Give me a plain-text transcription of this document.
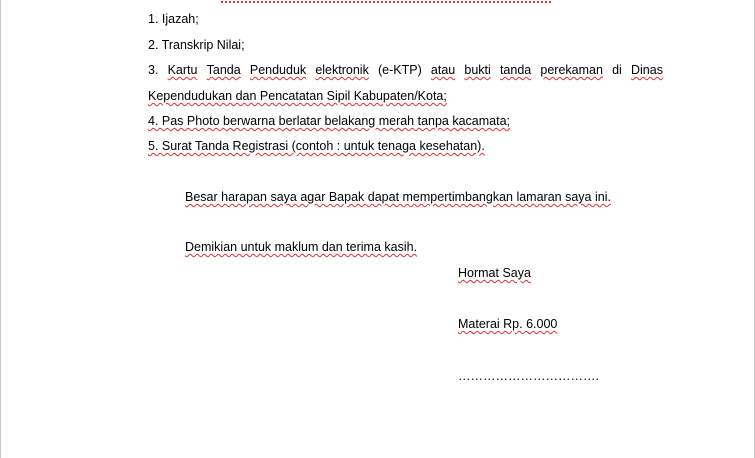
1. Ijazah;
2. Transkrip Nilai;
3. Kartu Tanda Penduduk elektronik (e-KTP) atau bukti tanda perekaman di Dinas
Kependudukan dan Pencatatan Sipil Kabupaten/Kota;
4. Pas Photo berwarna berlatar belakang merah tanpa kacamata;
5. Surat Tanda Registrasi (contoh : untuk tenaga kesehatan).
Besar harapan saya agar Bapak dapat mempertimbangkan lamaran saya ini.
Demikian untuk maklum dan terima kasih.
Hormat Saya
Materai Rp. 6.000
…………………………….
